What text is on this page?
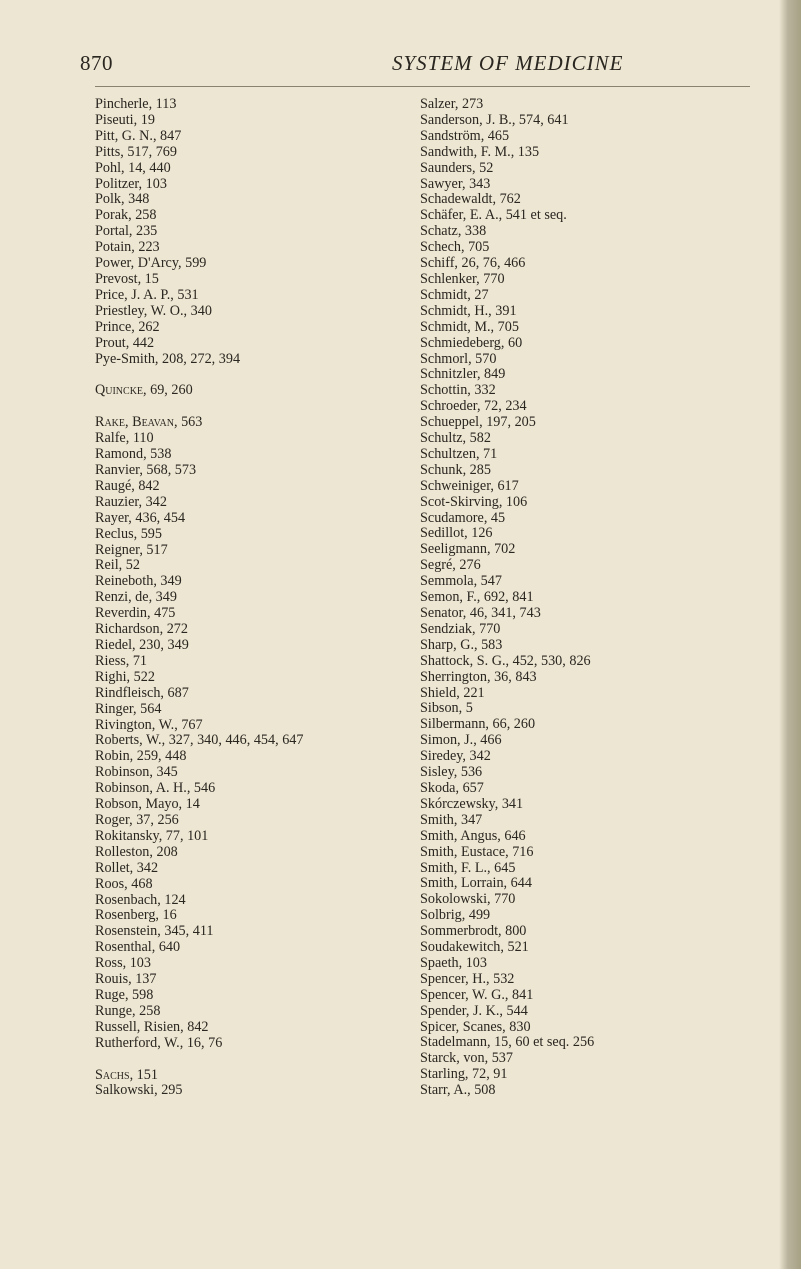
870	SYSTEM OF MEDICINE
Pincherle, 113
Piseuti, 19
Pitt, G. N., 847
Pitts, 517, 769
Pohl, 14, 440
Politzer, 103
Polk, 348
Porak, 258
Portal, 235
Potain, 223
Power, D'Arcy, 599
Prevost, 15
Price, J. A. P., 531
Priestley, W. O., 340
Prince, 262
Prout, 442
Pye-Smith, 208, 272, 394
Quincke, 69, 260
Rake, Beavan, 563
Ralfe, 110
Ramond, 538
Ranvier, 568, 573
Raugé, 842
Rauzier, 342
Rayer, 436, 454
Reclus, 595
Reigner, 517
Reil, 52
Reineboth, 349
Renzi, de, 349
Reverdin, 475
Richardson, 272
Riedel, 230, 349
Riess, 71
Righi, 522
Rindfleisch, 687
Ringer, 564
Rivington, W., 767
Roberts, W., 327, 340, 446, 454, 647
Robin, 259, 448
Robinson, 345
Robinson, A. H., 546
Robson, Mayo, 14
Roger, 37, 256
Rokitansky, 77, 101
Rolleston, 208
Rollet, 342
Roos, 468
Rosenbach, 124
Rosenberg, 16
Rosenstein, 345, 411
Rosenthal, 640
Ross, 103
Rouis, 137
Ruge, 598
Runge, 258
Russell, Risien, 842
Rutherford, W., 16, 76
Sachs, 151
Salkowski, 295
Salzer, 273
Sanderson, J. B., 574, 641
Sandström, 465
Sandwith, F. M., 135
Saunders, 52
Sawyer, 343
Schadewaldt, 762
Schäfer, E. A., 541 et seq.
Schatz, 338
Schech, 705
Schiff, 26, 76, 466
Schlenker, 770
Schmidt, 27
Schmidt, H., 391
Schmidt, M., 705
Schmiedeberg, 60
Schmorl, 570
Schnitzler, 849
Schottin, 332
Schroeder, 72, 234
Schueppel, 197, 205
Schultz, 582
Schultzen, 71
Schunk, 285
Schweiniger, 617
Scot-Skirving, 106
Scudamore, 45
Sedillot, 126
Seeligmann, 702
Segré, 276
Semmola, 547
Semon, F., 692, 841
Senator, 46, 341, 743
Sendziak, 770
Sharp, G., 583
Shattock, S. G., 452, 530, 826
Sherrington, 36, 843
Shield, 221
Sibson, 5
Silbermann, 66, 260
Simon, J., 466
Siredey, 342
Sisley, 536
Skoda, 657
Skórczewsky, 341
Smith, 347
Smith, Angus, 646
Smith, Eustace, 716
Smith, F. L., 645
Smith, Lorrain, 644
Sokolowski, 770
Solbrig, 499
Sommerbrodt, 800
Soudakewitch, 521
Spaeth, 103
Spencer, H., 532
Spencer, W. G., 841
Spender, J. K., 544
Spicer, Scanes, 830
Stadelmann, 15, 60 et seq. 256
Starck, von, 537
Starling, 72, 91
Starr, A., 508
